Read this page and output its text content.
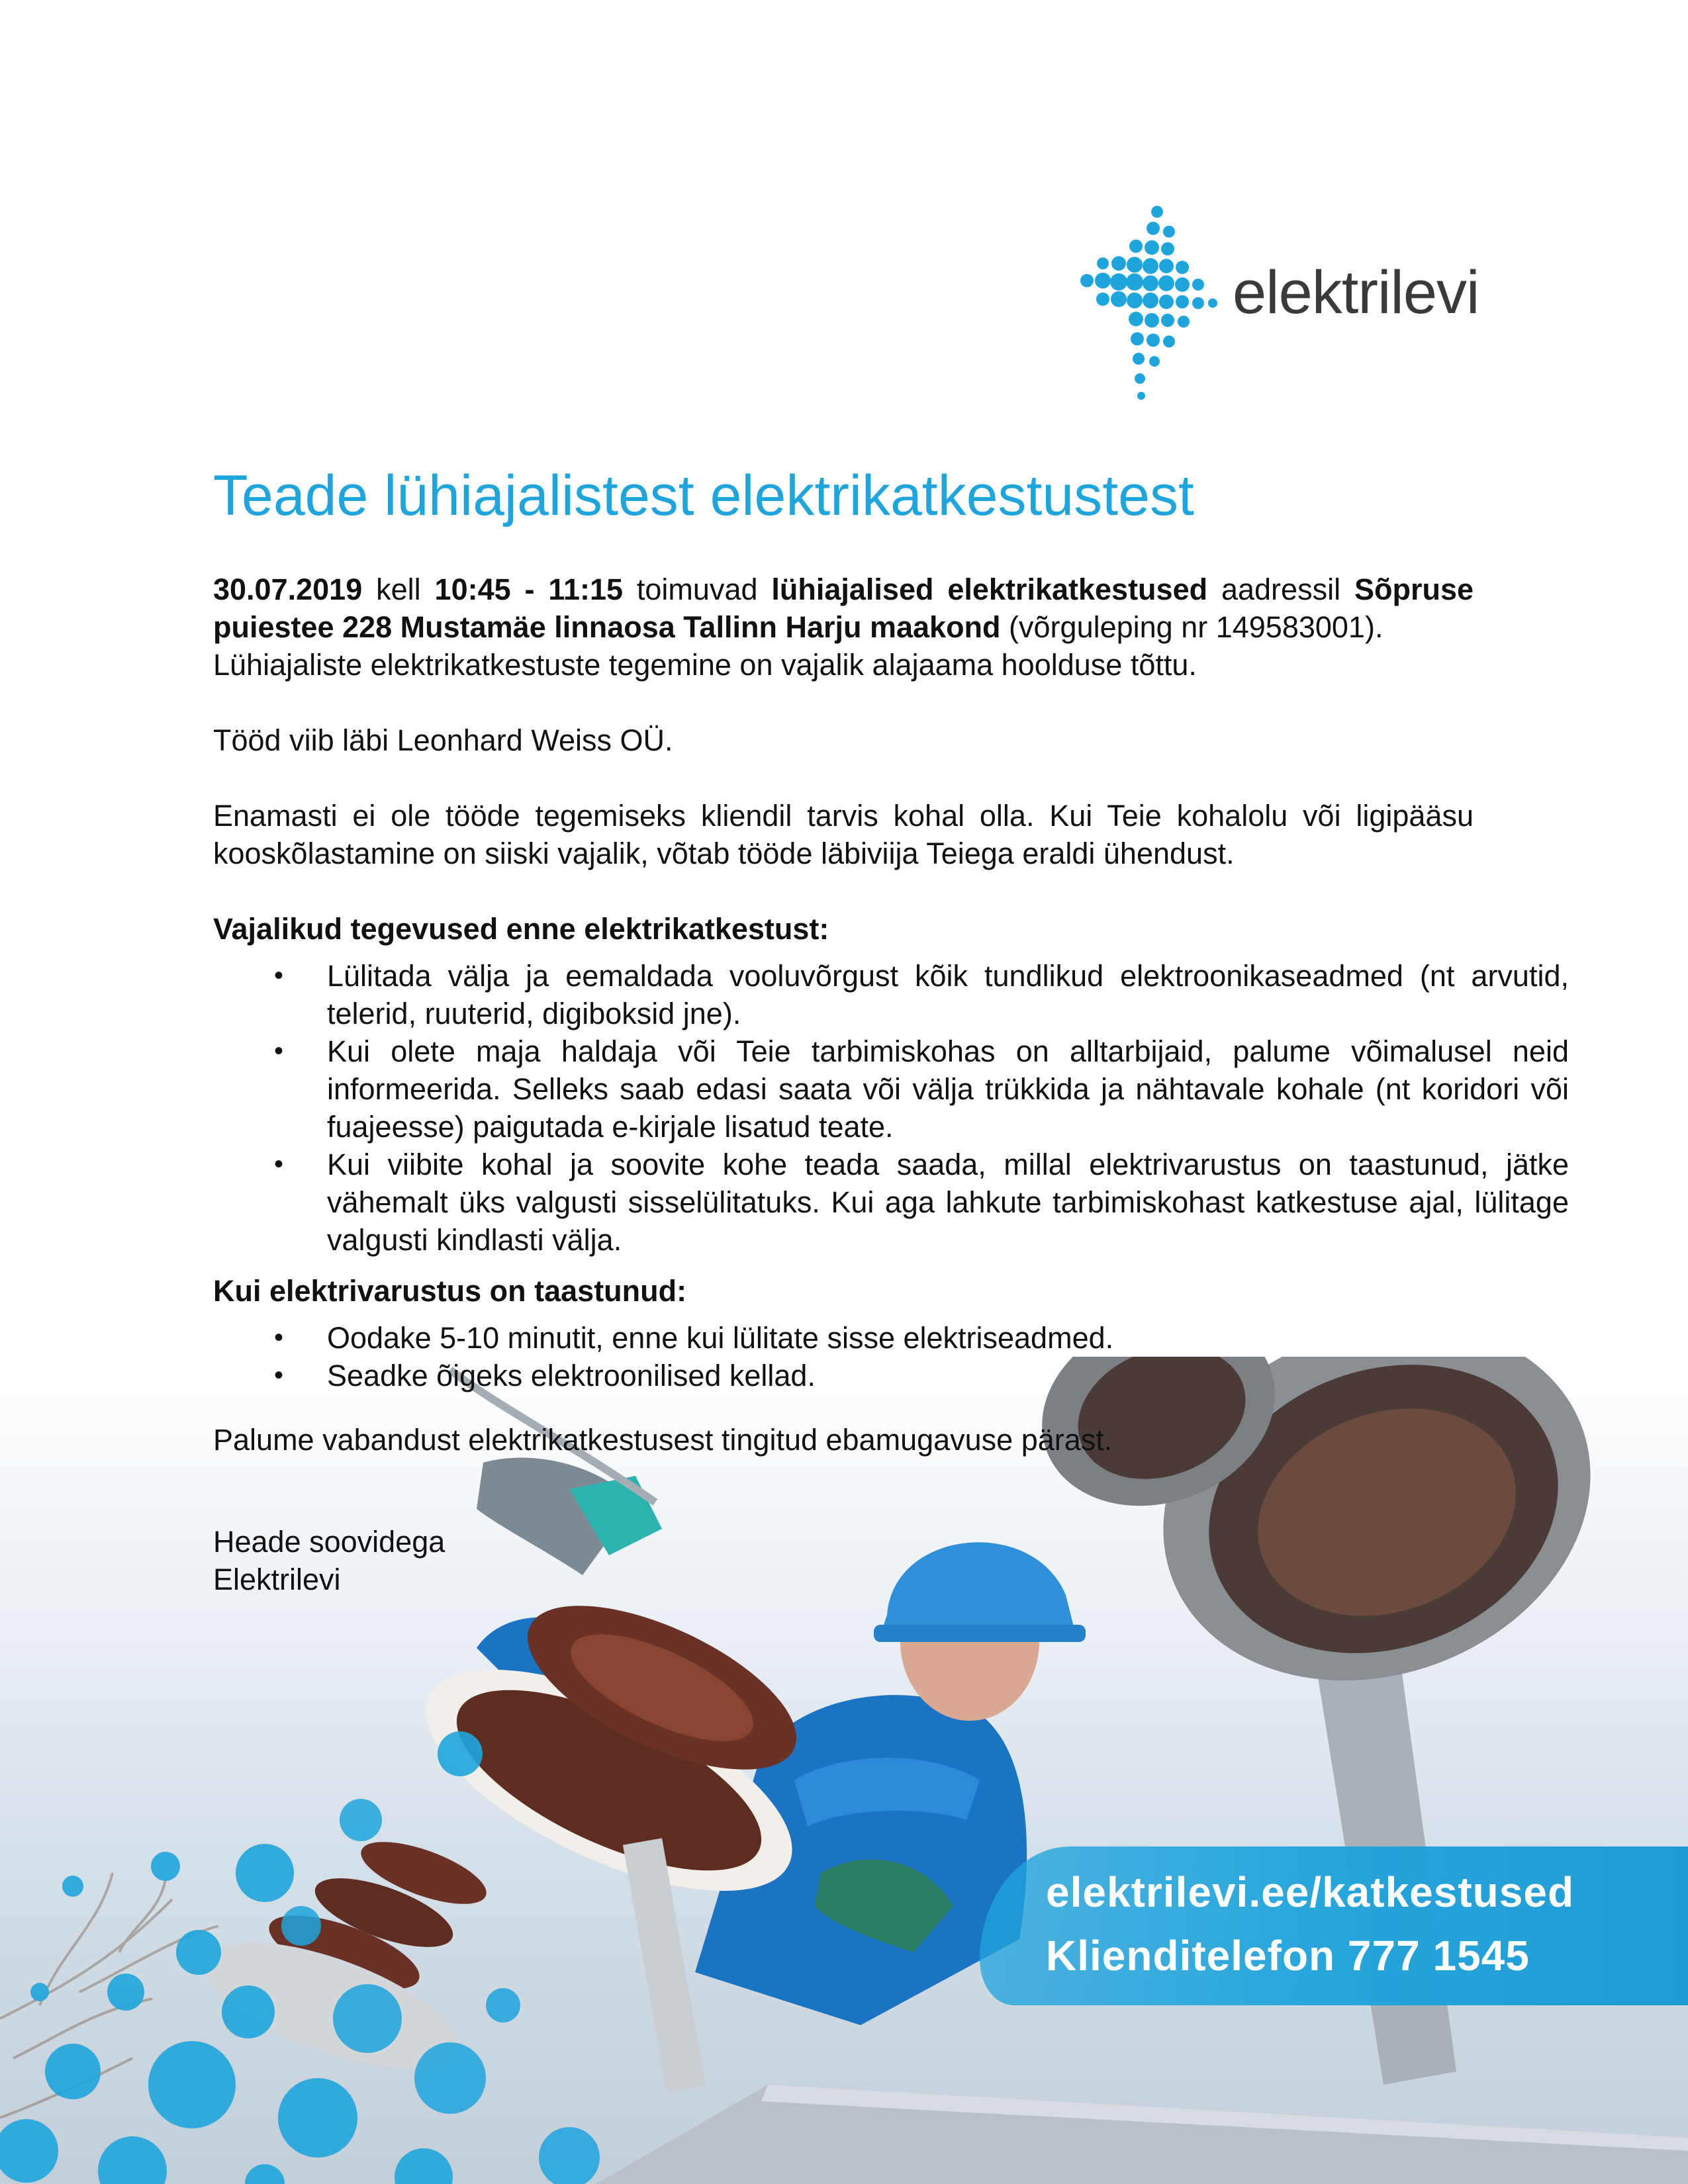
elektrilevi
Teade lühiajalistest elektrikatkestustest

30.07.2019 kell 10:45 - 11:15 toimuvad lühiajalised elektrikatkestused aadressil Sõpruse puiestee 228 Mustamäe linnaosa Tallinn Harju maakond (võrguleping nr 149583001).

Lühiajaliste elektrikatkestuste tegemine on vajalik alajaama hoolduse tõttu.

Tööd viib läbi Leonhard Weiss OÜ.

Enamasti ei ole tööde tegemiseks kliendil tarvis kohal olla. Kui Teie kohalolu või ligipääsu kooskõlastamine on siiski vajalik, võtab tööde läbiviija Teiega eraldi ühendust.

Vajalikud tegevused enne elektrikatkestust:

• Lülitada välja ja eemaldada vooluvõrgust kõik tundlikud elektroonikaseadmed (nt arvutid, telerid, ruuterid, digiboksid jne).
• Kui olete maja haldaja või Teie tarbimiskohas on alltarbijaid, palume võimalusel neid informeerida. Selleks saab edasi saata või välja trükkida ja nähtavale kohale (nt koridori või fuajeesse) paigutada e-kirjale lisatud teate.
• Kui viibite kohal ja soovite kohe teada saada, millal elektrivarustus on taastunud, jätke vähemalt üks valgusti sisselülitatuks. Kui aga lahkute tarbimiskohast katkestuse ajal, lülitage valgusti kindlasti välja.

Kui elektrivarustus on taastunud:

• Oodake 5-10 minutit, enne kui lülitate sisse elektriseadmed.
• Seadke õigeks elektroonilised kellad.

Palume vabandust elektrikatkestusest tingitud ebamugavuse pärast.

Heade soovidega

Elektrilevi

elektrilevi.ee/katkestused
Klienditelefon 777 1545
